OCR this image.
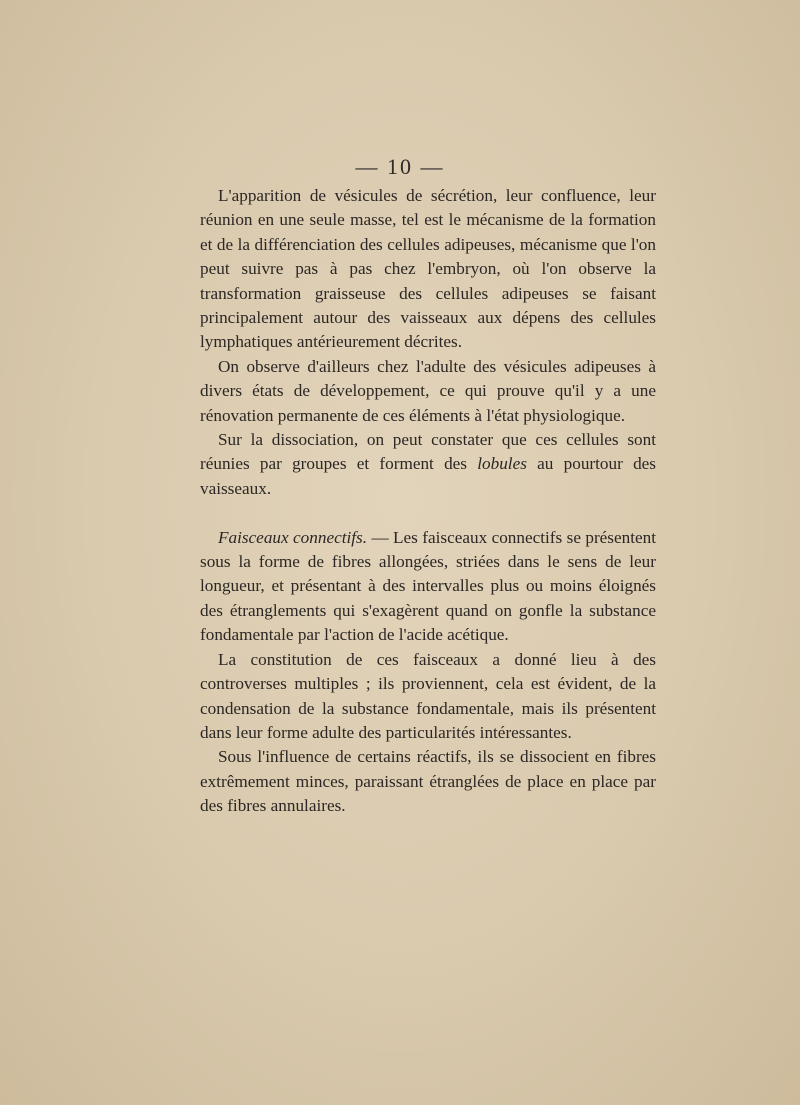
— 10 —

L'apparition de vésicules de sécrétion, leur confluence, leur réunion en une seule masse, tel est le mécanisme de la formation et de la différenciation des cellules adipeuses, mécanisme que l'on peut suivre pas à pas chez l'embryon, où l'on observe la transformation graisseuse des cellules adipeuses se faisant principalement autour des vaisseaux aux dépens des cellules lymphatiques antérieurement décrites.

On observe d'ailleurs chez l'adulte des vésicules adipeuses à divers états de développement, ce qui prouve qu'il y a une rénovation permanente de ces éléments à l'état physiologique.

Sur la dissociation, on peut constater que ces cellules sont réunies par groupes et forment des lobules au pourtour des vaisseaux.

Faisceaux connectifs. — Les faisceaux connectifs se présentent sous la forme de fibres allongées, striées dans le sens de leur longueur, et présentant à des intervalles plus ou moins éloignés des étranglements qui s'exagèrent quand on gonfle la substance fondamentale par l'action de l'acide acétique.

La constitution de ces faisceaux a donné lieu à des controverses multiples ; ils proviennent, cela est évident, de la condensation de la substance fondamentale, mais ils présentent dans leur forme adulte des particularités intéressantes.

Sous l'influence de certains réactifs, ils se dissocient en fibres extrêmement minces, paraissant étranglées de place en place par des fibres annulaires.
